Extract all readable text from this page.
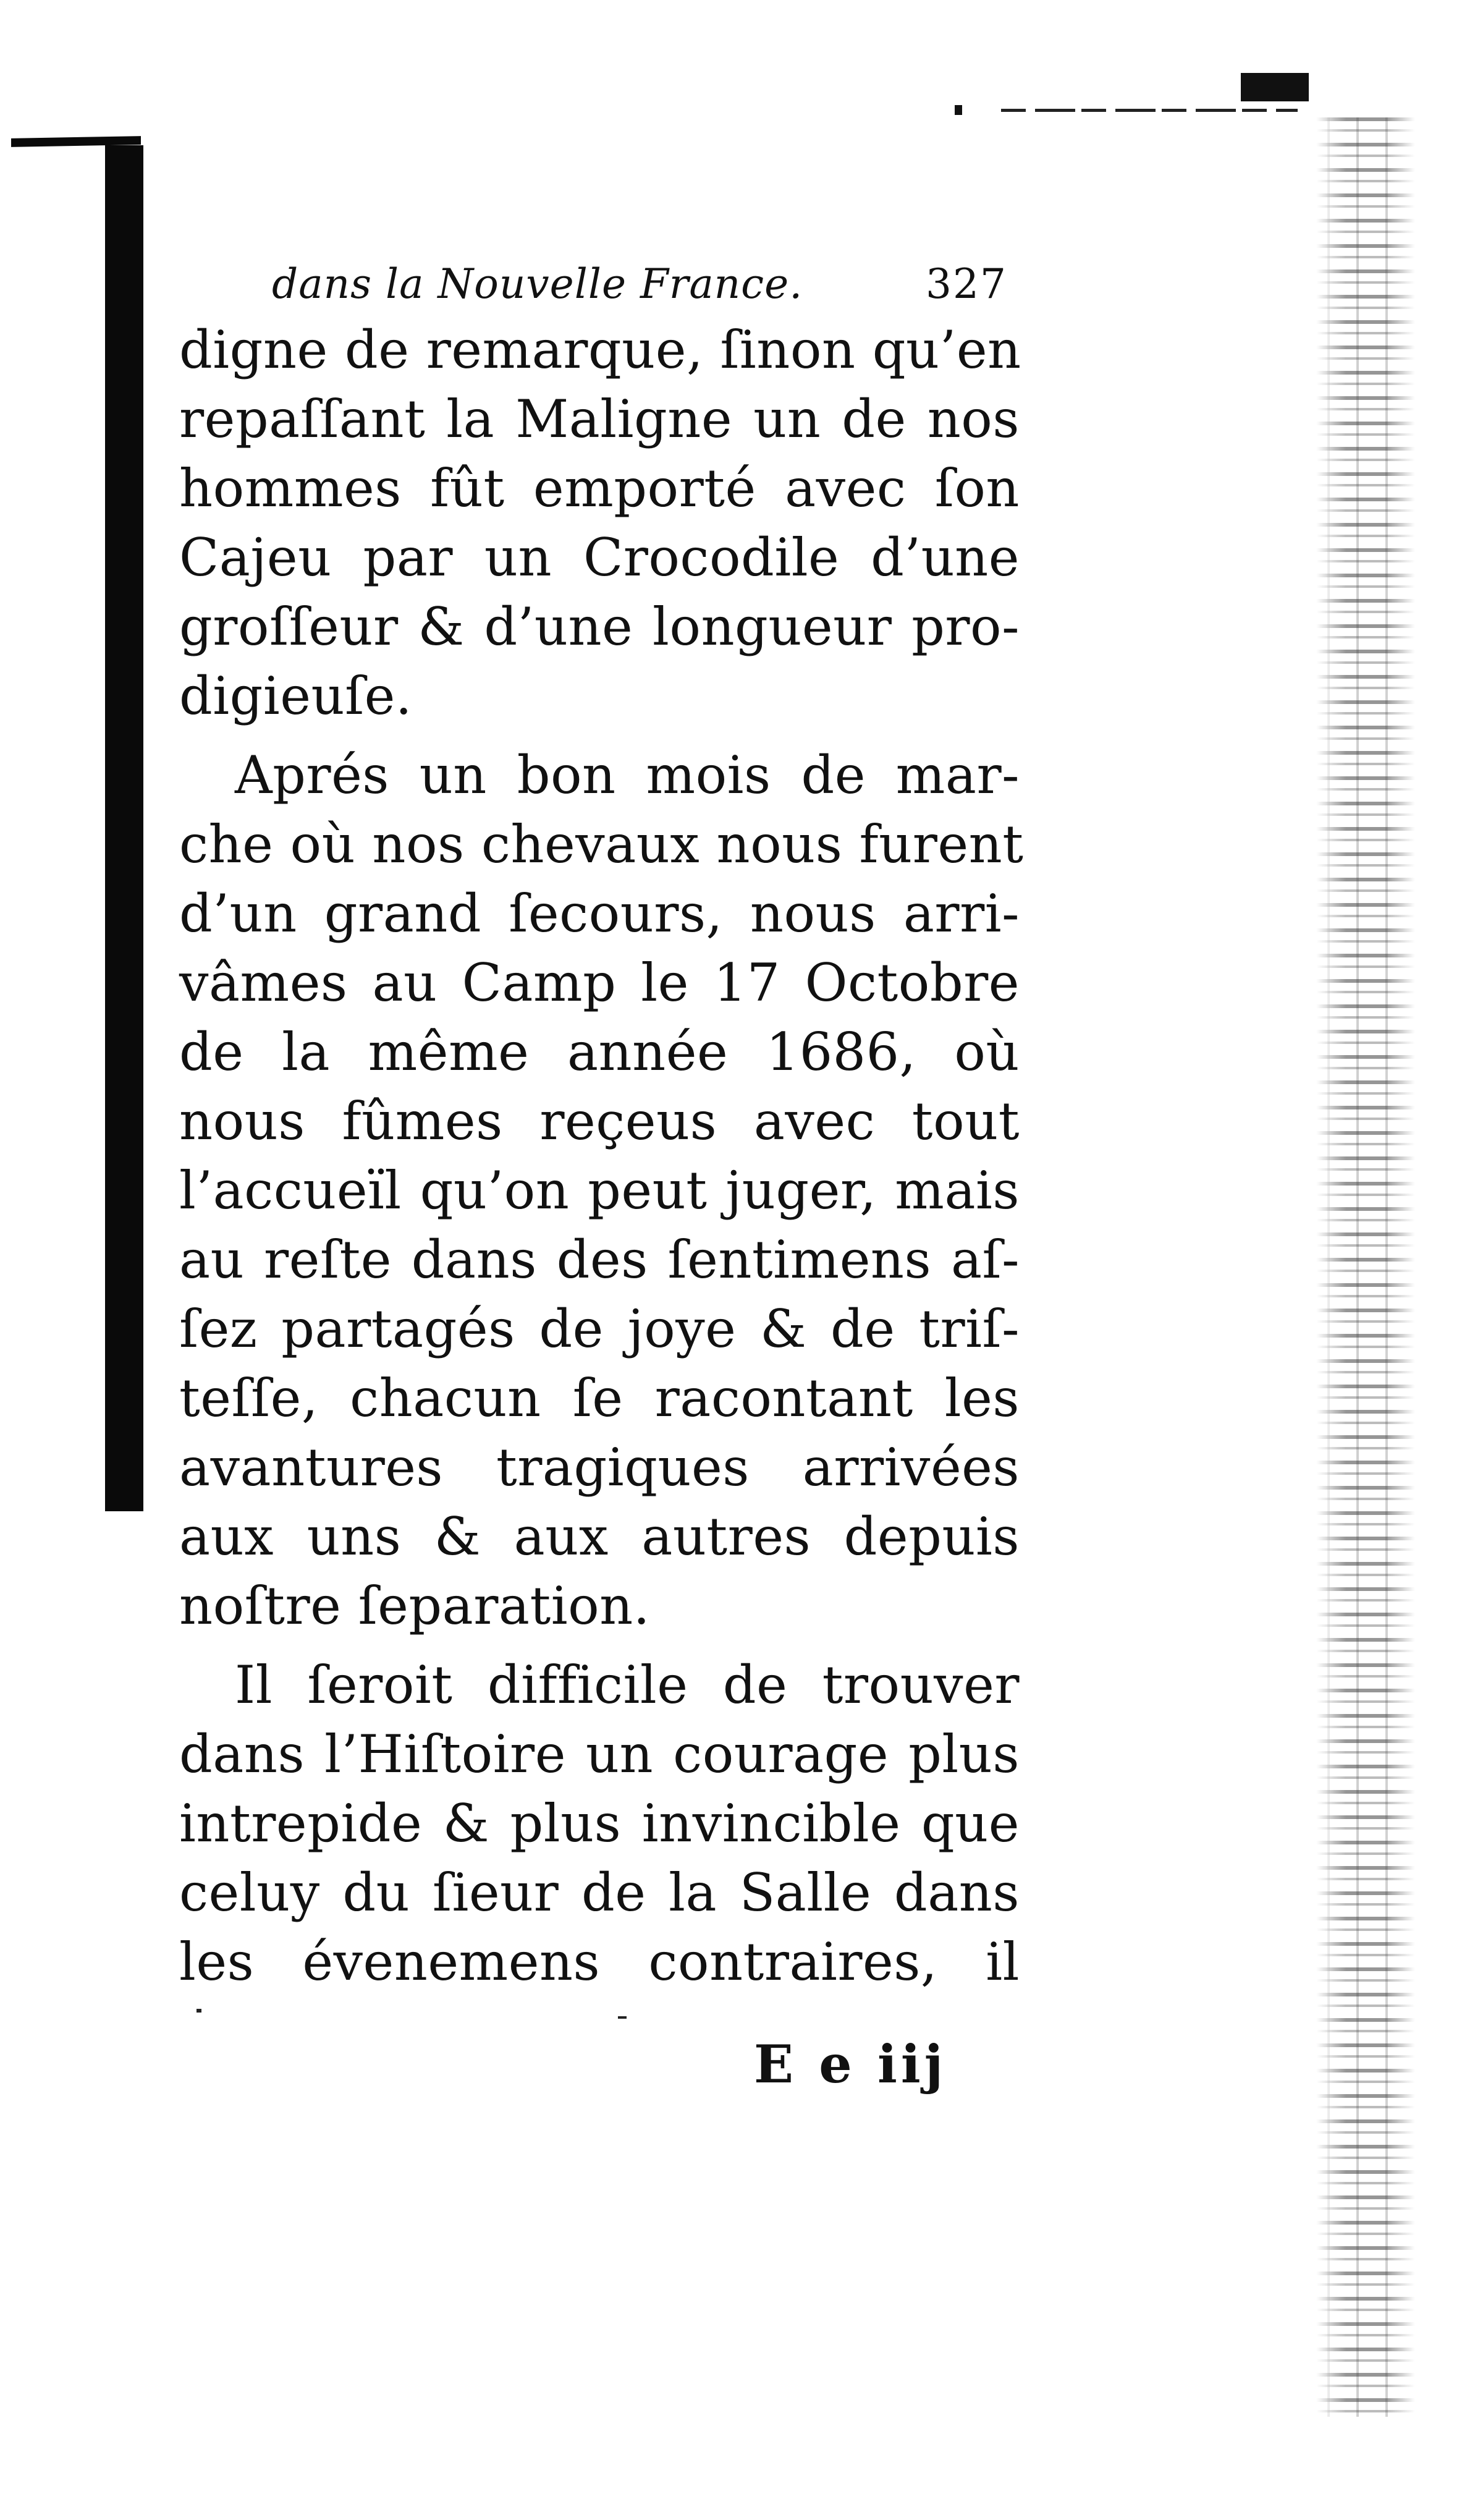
dans la Nouvelle France.	327
digne de remarque, ſinon qu’en
repaſſant la Maligne un de nos
hommes fût emporté avec ſon
Cajeu par un Crocodile d’une
groſſeur & d’une longueur pro-
digieuſe.
Aprés un bon mois de mar-
che où nos chevaux nous furent
d’un grand ſecours, nous arri-
vâmes au Camp le 17 Octobre
de la même année 1686, où
nous fûmes reçeus avec tout
l’accueïl qu’on peut juger, mais
au reſte dans des ſentimens aſ-
ſez partagés de joye & de triſ-
teſſe, chacun ſe racontant les
avantures tragiques arrivées
aux uns & aux autres depuis
noſtre ſeparation.
Il ſeroit difficile de trouver
dans l’Hiſtoire un courage plus
intrepide & plus invincible que
celuy du ſieur de la Salle dans
les évenemens contraires, il
E e iij
